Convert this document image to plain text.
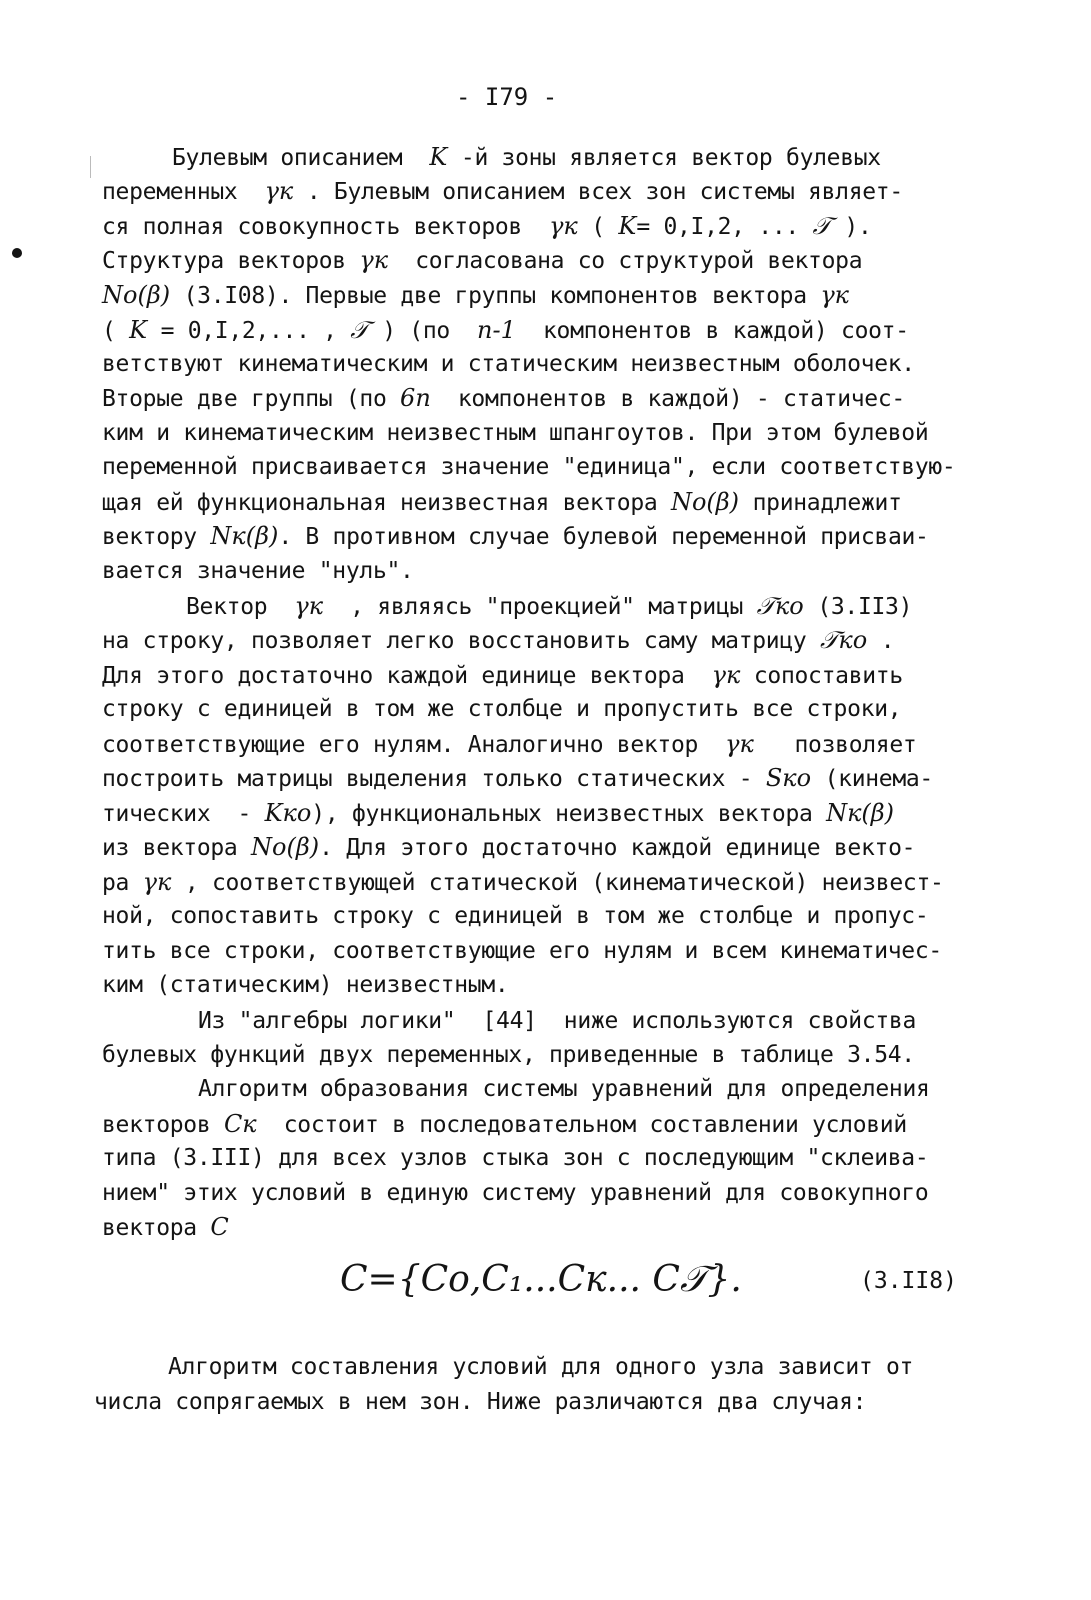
- I79 -
Булевым описанием  K -й зоны является вектор булевых
переменных  γк . Булевым описанием всех зон системы являет-
ся полная совокупность векторов  γк ( K= 0,I,2, ... 𝒯 ).
Структура векторов γк  согласована со структурой вектора
Nо(β) (3.I08). Первые две группы компонентов вектора γк
( K = 0,I,2,... , 𝒯 ) (по  n-1  компонентов в каждой) соот-
ветствуют кинематическим и статическим неизвестным оболочек.
Вторые две группы (по 6n  компонентов в каждой) - статичес-
ким и кинематическим неизвестным шпангоутов. При этом булевой
переменной присваивается значение "единица", если соответствую-
щая ей функциональная неизвестная вектора Nо(β) принадлежит
вектору Nк(β). В противном случае булевой переменной присваи-
вается значение "нуль".
Вектор  γк  , являясь "проекцией" матрицы 𝒯ко (3.II3)
на строку, позволяет легко восстановить саму матрицу 𝒯ко .
Для этого достаточно каждой единице вектора  γк сопоставить
строку с единицей в том же столбце и пропустить все строки,
соответствующие его нулям. Аналогично вектор  γк   позволяет
построить матрицы выделения только статических - Sко (кинема-
тических  - Kко), функциональных неизвестных вектора Nк(β)
из вектора Nо(β). Для этого достаточно каждой единице векто-
ра γк , соответствующей статической (кинематической) неизвест-
ной, сопоставить строку с единицей в том же столбце и пропус-
тить все строки, соответствующие его нулям и всем кинематичес-
ким (статическим) неизвестным.
Из "алгебры логики"  [44]  ниже используются свойства
булевых функций двух переменных, приведенные в таблице 3.54.
Алгоритм образования системы уравнений для определения
векторов Cк  состоит в последовательном составлении условий
типа (3.III) для всех узлов стыка зон с последующим "склеива-
нием" этих условий в единую систему уравнений для совокупного
вектора C
Алгоритм составления условий для одного узла зависит от
числа сопрягаемых в нем зон. Ниже различаются два случая:
C={Cо,C₁...Cк... C𝒯}.	(3.II8)
